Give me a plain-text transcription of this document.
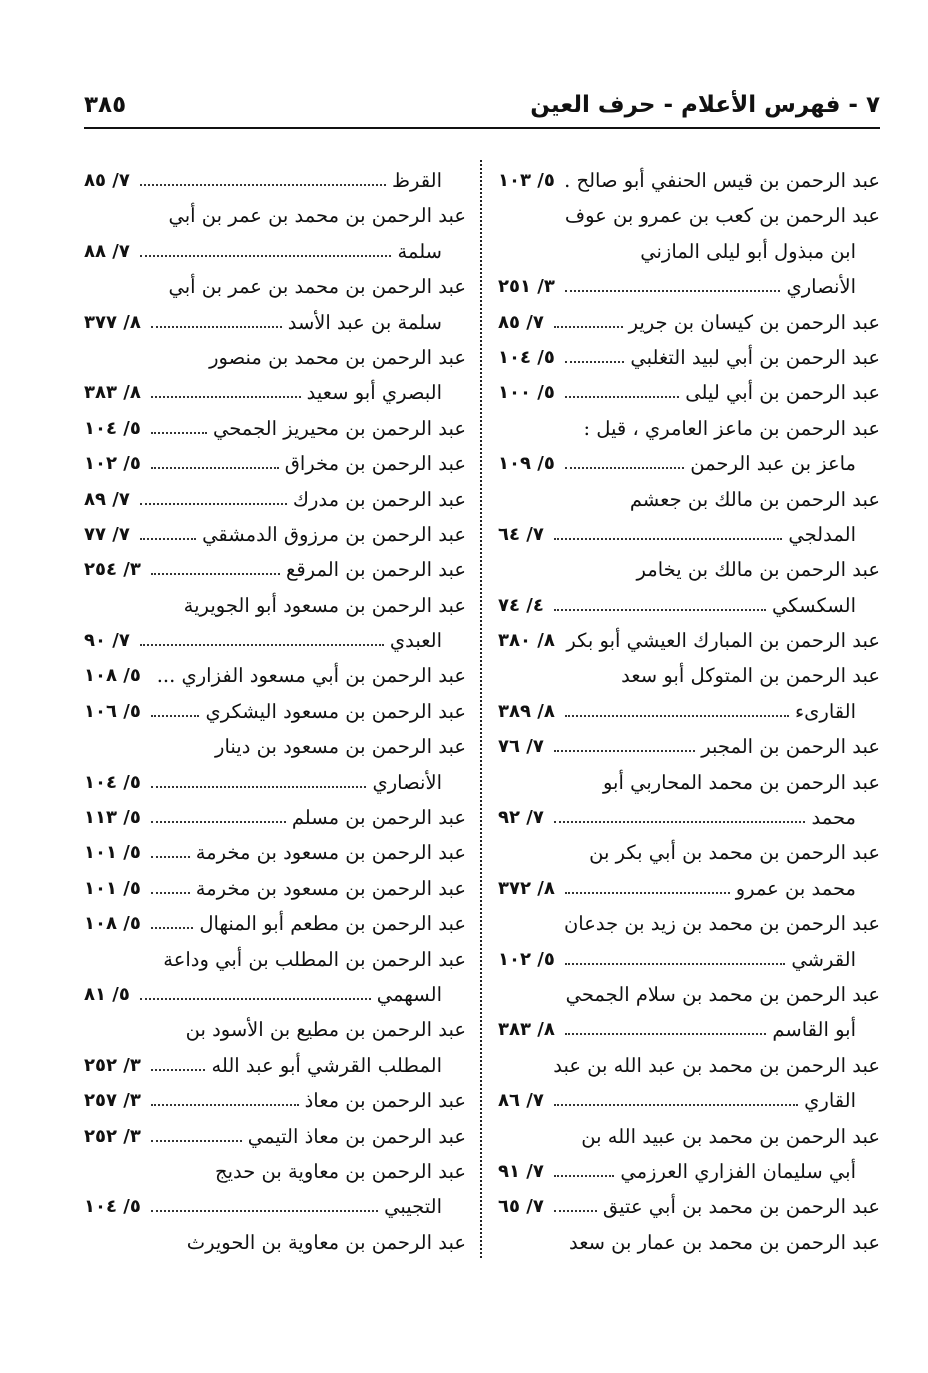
٧ - فهرس الأعلام - حرف العين
٣٨٥
عبد الرحمن بن قيس الحنفي أبو صالح .
٥/ ١٠٣
عبد الرحمن بن كعب بن عمرو بن عوف
ابن مبذول أبو ليلى المازني
الأنصاري
٣/ ٢٥١
عبد الرحمن بن كيسان بن جرير
٧/ ٨٥
عبد الرحمن بن أبي لبيد التغلبي
٥/ ١٠٤
عبد الرحمن بن أبي ليلى
٥/ ١٠٠
عبد الرحمن بن ماعز العامري ، قيل :
ماعز بن عبد الرحمن
٥/ ١٠٩
عبد الرحمن بن مالك بن جعشم
المدلجي
٧/ ٦٤
عبد الرحمن بن مالك بن يخامر
السكسكي
٤/ ٧٤
عبد الرحمن بن المبارك العيشي أبو بكر
٨/ ٣٨٠
عبد الرحمن بن المتوكل أبو سعد
القارىء
٨/ ٣٨٩
عبد الرحمن بن المجبر
٧/ ٧٦
عبد الرحمن بن محمد المحاربي أبو
محمد
٧/ ٩٢
عبد الرحمن بن محمد بن أبي بكر بن
محمد بن عمرو
٨/ ٣٧٢
عبد الرحمن بن محمد بن زيد بن جدعان
القرشي
٥/ ١٠٢
عبد الرحمن بن محمد بن سلام الجمحي
أبو القاسم
٨/ ٣٨٣
عبد الرحمن بن محمد بن عبد الله بن عبد
القاري
٧/ ٨٦
عبد الرحمن بن محمد بن عبيد الله بن
أبي سليمان الفزاري العرزمي
٧/ ٩١
عبد الرحمن بن محمد بن أبي عتيق
٧/ ٦٥
عبد الرحمن بن محمد بن عمار بن سعد
القرظ
٧/ ٨٥
عبد الرحمن بن محمد بن عمر بن أبي
سلمة
٧/ ٨٨
عبد الرحمن بن محمد بن عمر بن أبي
سلمة بن عبد الأسد
٨/ ٣٧٧
عبد الرحمن بن محمد بن منصور
البصري أبو سعيد
٨/ ٣٨٣
عبد الرحمن بن محيريز الجمحي
٥/ ١٠٤
عبد الرحمن بن مخراق
٥/ ١٠٢
عبد الرحمن بن مدرك
٧/ ٨٩
عبد الرحمن بن مرزوق الدمشقي
٧/ ٧٧
عبد الرحمن بن المرقع
٣/ ٢٥٤
عبد الرحمن بن مسعود أبو الجويرية
العبدي
٧/ ٩٠
عبد الرحمن بن أبي مسعود الفزاري ...
٥/ ١٠٨
عبد الرحمن بن مسعود اليشكري
٥/ ١٠٦
عبد الرحمن بن مسعود بن دينار
الأنصاري
٥/ ١٠٤
عبد الرحمن بن مسلم
٥/ ١١٣
عبد الرحمن بن مسعود بن مخرمة
٥/ ١٠١
عبد الرحمن بن مسعود بن مخرمة
٥/ ١٠١
عبد الرحمن بن مطعم أبو المنهال
٥/ ١٠٨
عبد الرحمن بن المطلب بن أبي وداعة
السهمي
٥/ ٨١
عبد الرحمن بن مطيع بن الأسود بن
المطلب القرشي أبو عبد الله
٣/ ٢٥٢
عبد الرحمن بن معاذ
٣/ ٢٥٧
عبد الرحمن بن معاذ التيمي
٣/ ٢٥٢
عبد الرحمن بن معاوية بن حديج
التجيبي
٥/ ١٠٤
عبد الرحمن بن معاوية بن الحويرث
